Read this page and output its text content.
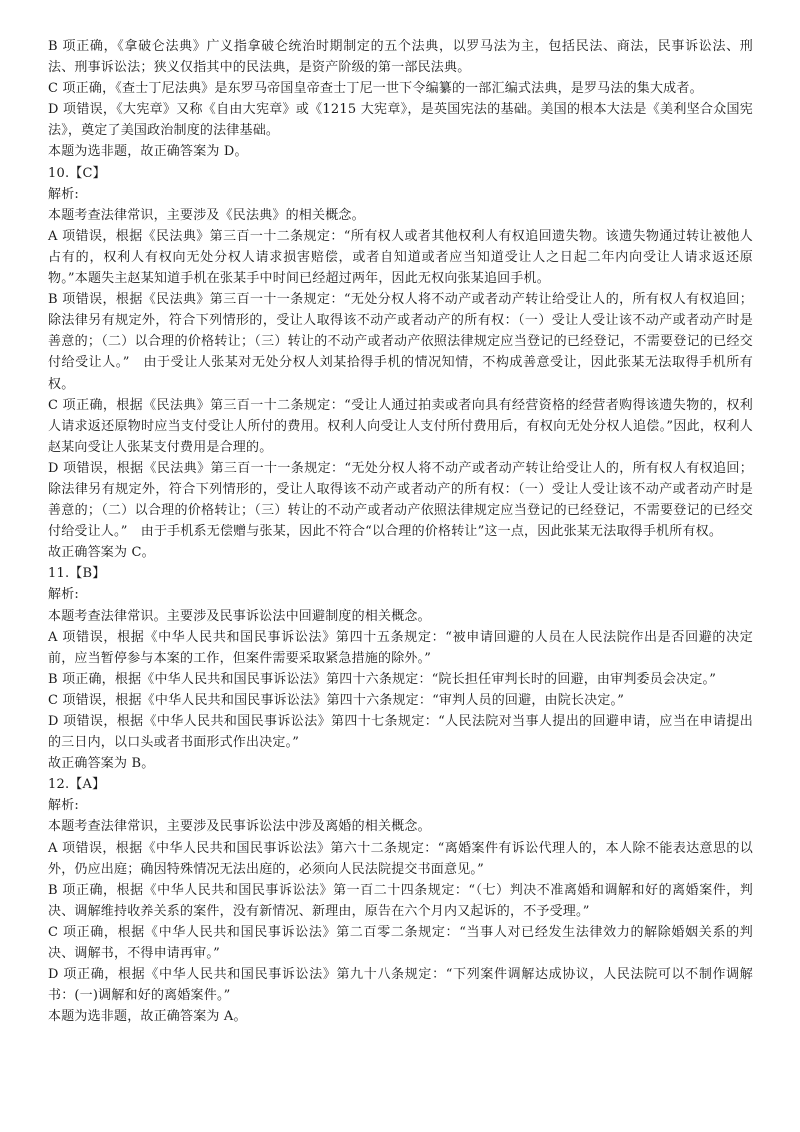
B 项正确，《拿破仑法典》广义指拿破仑统治时期制定的五个法典，以罗马法为主，包括民法、商法，民事诉讼法、刑法、刑事诉讼法；狭义仅指其中的民法典，是资产阶级的第一部民法典。
C 项正确，《查士丁尼法典》是东罗马帝国皇帝查士丁尼一世下令编纂的一部汇编式法典，是罗马法的集大成者。
D 项错误，《大宪章》又称《自由大宪章》或《1215 大宪章》，是英国宪法的基础。美国的根本大法是《美利坚合众国宪法》，奠定了美国政治制度的法律基础。
本题为选非题，故正确答案为 D。
10.【C】
解析:
本题考查法律常识，主要涉及《民法典》的相关概念。
A 项错误，根据《民法典》第三百一十二条规定：“所有权人或者其他权利人有权追回遗失物。该遗失物通过转让被他人占有的，权利人有权向无处分权人请求损害赔偿，或者自知道或者应当知道受让人之日起二年内向受让人请求返还原物。”本题失主赵某知道手机在张某手中时间已经超过两年，因此无权向张某追回手机。
B 项错误，根据《民法典》第三百一十一条规定：“无处分权人将不动产或者动产转让给受让人的，所有权人有权追回；除法律另有规定外，符合下列情形的，受让人取得该不动产或者动产的所有权：（一）受让人受让该不动产或者动产时是善意的；（二）以合理的价格转让；（三）转让的不动产或者动产依照法律规定应当登记的已经登记，不需要登记的已经交付给受让人。”　由于受让人张某对无处分权人刘某拾得手机的情况知情，不构成善意受让，因此张某无法取得手机所有权。
C 项正确，根据《民法典》第三百一十二条规定：“受让人通过拍卖或者向具有经营资格的经营者购得该遗失物的，权利人请求返还原物时应当支付受让人所付的费用。权利人向受让人支付所付费用后，有权向无处分权人追偿。”因此，权利人赵某向受让人张某支付费用是合理的。
D 项错误，根据《民法典》第三百一十一条规定：“无处分权人将不动产或者动产转让给受让人的，所有权人有权追回；除法律另有规定外，符合下列情形的，受让人取得该不动产或者动产的所有权：（一）受让人受让该不动产或者动产时是善意的；（二）以合理的价格转让；（三）转让的不动产或者动产依照法律规定应当登记的已经登记，不需要登记的已经交付给受让人。”　由于手机系无偿赠与张某，因此不符合“以合理的价格转让”这一点，因此张某无法取得手机所有权。
故正确答案为 C。
11.【B】
解析:
本题考查法律常识。主要涉及民事诉讼法中回避制度的相关概念。
A 项错误，根据《中华人民共和国民事诉讼法》第四十五条规定：“被申请回避的人员在人民法院作出是否回避的决定前，应当暂停参与本案的工作，但案件需要采取紧急措施的除外。”
B 项正确，根据《中华人民共和国民事诉讼法》第四十六条规定：“院长担任审判长时的回避，由审判委员会决定。”
C 项错误，根据《中华人民共和国民事诉讼法》第四十六条规定：“审判人员的回避，由院长决定。”
D 项错误，根据《中华人民共和国民事诉讼法》第四十七条规定：“人民法院对当事人提出的回避申请，应当在申请提出的三日内，以口头或者书面形式作出决定。”
故正确答案为 B。
12.【A】
解析:
本题考查法律常识，主要涉及民事诉讼法中涉及离婚的相关概念。
A 项错误，根据《中华人民共和国民事诉讼法》第六十二条规定：“离婚案件有诉讼代理人的，本人除不能表达意思的以外，仍应出庭；确因特殊情况无法出庭的，必须向人民法院提交书面意见。”
B 项正确，根据《中华人民共和国民事诉讼法》第一百二十四条规定：“（七）判决不准离婚和调解和好的离婚案件，判决、调解维持收养关系的案件，没有新情况、新理由，原告在六个月内又起诉的，不予受理。”
C 项正确，根据《中华人民共和国民事诉讼法》第二百零二条规定：“当事人对已经发生法律效力的解除婚姻关系的判决、调解书，不得申请再审。”
D 项正确，根据《中华人民共和国民事诉讼法》第九十八条规定：“下列案件调解达成协议，人民法院可以不制作调解书：(一)调解和好的离婚案件。”
本题为选非题，故正确答案为 A。
